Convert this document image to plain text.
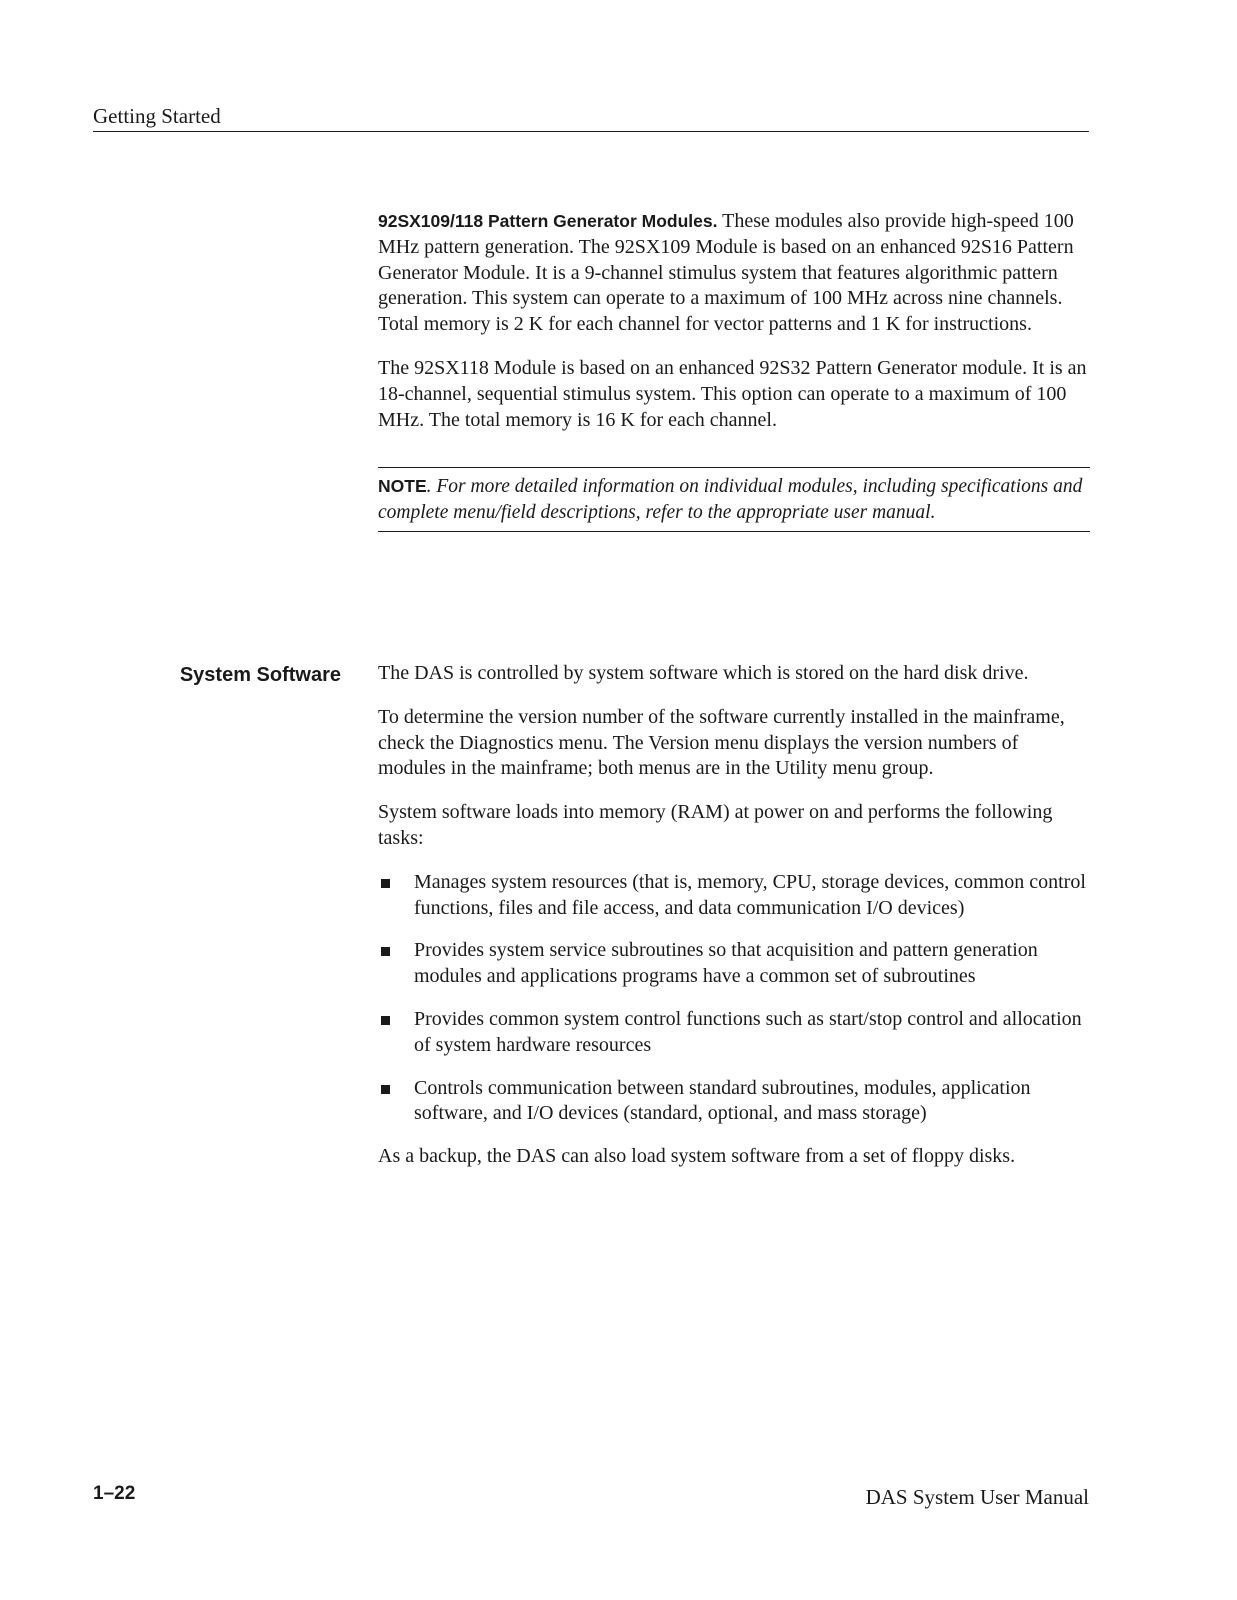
Getting Started

92SX109/118 Pattern Generator Modules. These modules also provide high-speed 100 MHz pattern generation. The 92SX109 Module is based on an enhanced 92S16 Pattern Generator Module. It is a 9-channel stimulus system that features algorithmic pattern generation. This system can operate to a maximum of 100 MHz across nine channels. Total memory is 2 K for each channel for vector patterns and 1 K for instructions.

The 92SX118 Module is based on an enhanced 92S32 Pattern Generator module. It is an 18-channel, sequential stimulus system. This option can operate to a maximum of 100 MHz. The total memory is 16 K for each channel.

NOTE. For more detailed information on individual modules, including specifications and complete menu/field descriptions, refer to the appropriate user manual.
System Software The DAS is controlled by system software which is stored on the hard disk drive.

To determine the version number of the software currently installed in the mainframe, check the Diagnostics menu. The Version menu displays the version numbers of modules in the mainframe; both menus are in the Utility menu group.

System software loads into memory (RAM) at power on and performs the following tasks:

Manages system resources (that is, memory, CPU, storage devices, common control functions, files and file access, and data communication I/O devices)
Provides system service subroutines so that acquisition and pattern generation modules and applications programs have a common set of subroutines
Provides common system control functions such as start/stop control and allocation of system hardware resources
Controls communication between standard subroutines, modules, application software, and I/O devices (standard, optional, and mass storage)

As a backup, the DAS can also load system software from a set of floppy disks.

1–22	DAS System User Manual
